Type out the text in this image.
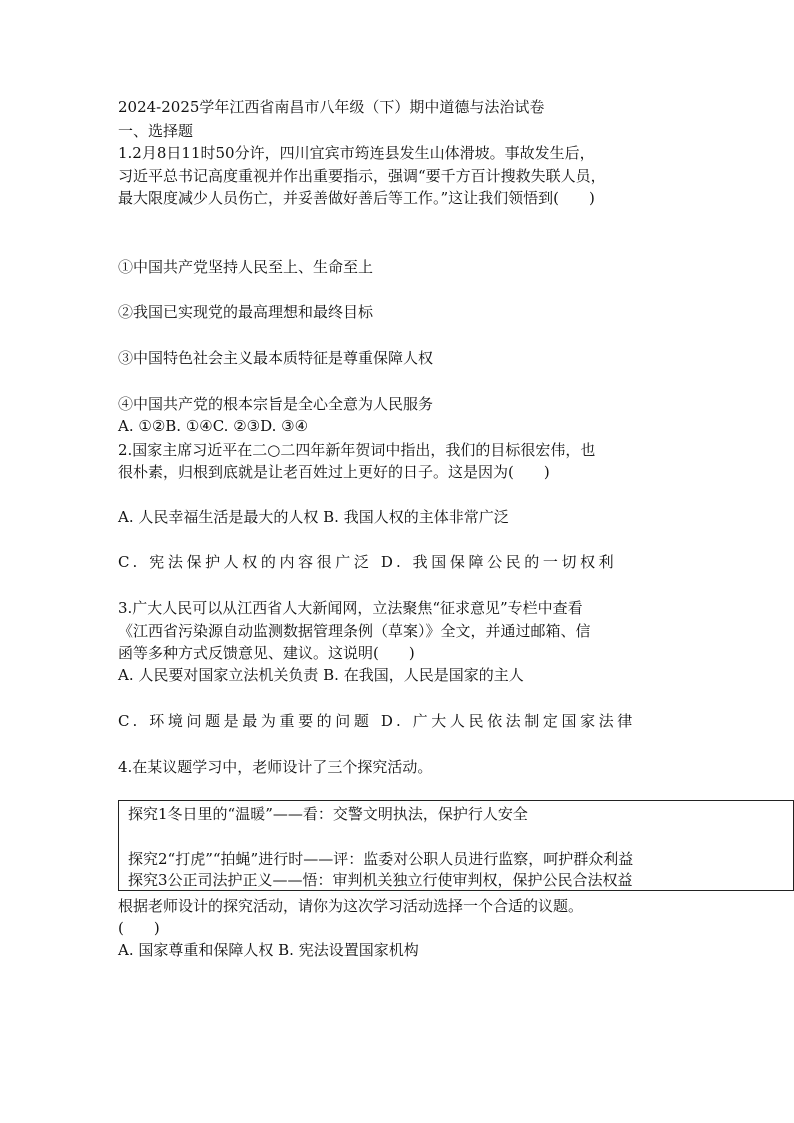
2024-2025学年江西省南昌市八年级（下）期中道德与法治试卷
一、选择题
1.2月8日11时50分许，四川宜宾市筠连县发生山体滑坡。事故发生后，
习近平总书记高度重视并作出重要指示，强调“要千方百计搜救失联人员，
最大限度减少人员伤亡，并妥善做好善后等工作。”这让我们领悟到(　　)
①中国共产党坚持人民至上、生命至上
②我国已实现党的最高理想和最终目标
③中国特色社会主义最本质特征是尊重保障人权
④中国共产党的根本宗旨是全心全意为人民服务
A. ①②B. ①④C. ②③D. ③④
2.国家主席习近平在二○二四年新年贺词中指出，我们的目标很宏伟，也
很朴素，归根到底就是让老百姓过上更好的日子。这是因为(　　)
A. 人民幸福生活是最大的人权 B. 我国人权的主体非常广泛
C. 宪法保护人权的内容很广泛 D. 我国保障公民的一切权利
3.广大人民可以从江西省人大新闻网，立法聚焦“征求意见”专栏中查看
《江西省污染源自动监测数据管理条例（草案）》全文，并通过邮箱、信
函等多种方式反馈意见、建议。这说明(　　)
A. 人民要对国家立法机关负责 B. 在我国，人民是国家的主人
C. 环境问题是最为重要的问题 D. 广大人民依法制定国家法律
4.在某议题学习中，老师设计了三个探究活动。
探究1冬日里的“温暖”——看：交警文明执法，保护行人安全
探究2“打虎”“拍蝇”进行时——评：监委对公职人员进行监察，呵护群众利益
探究3公正司法护正义——悟：审判机关独立行使审判权，保护公民合法权益
根据老师设计的探究活动，请你为这次学习活动选择一个合适的议题。
(　　)
A. 国家尊重和保障人权 B. 宪法设置国家机构
